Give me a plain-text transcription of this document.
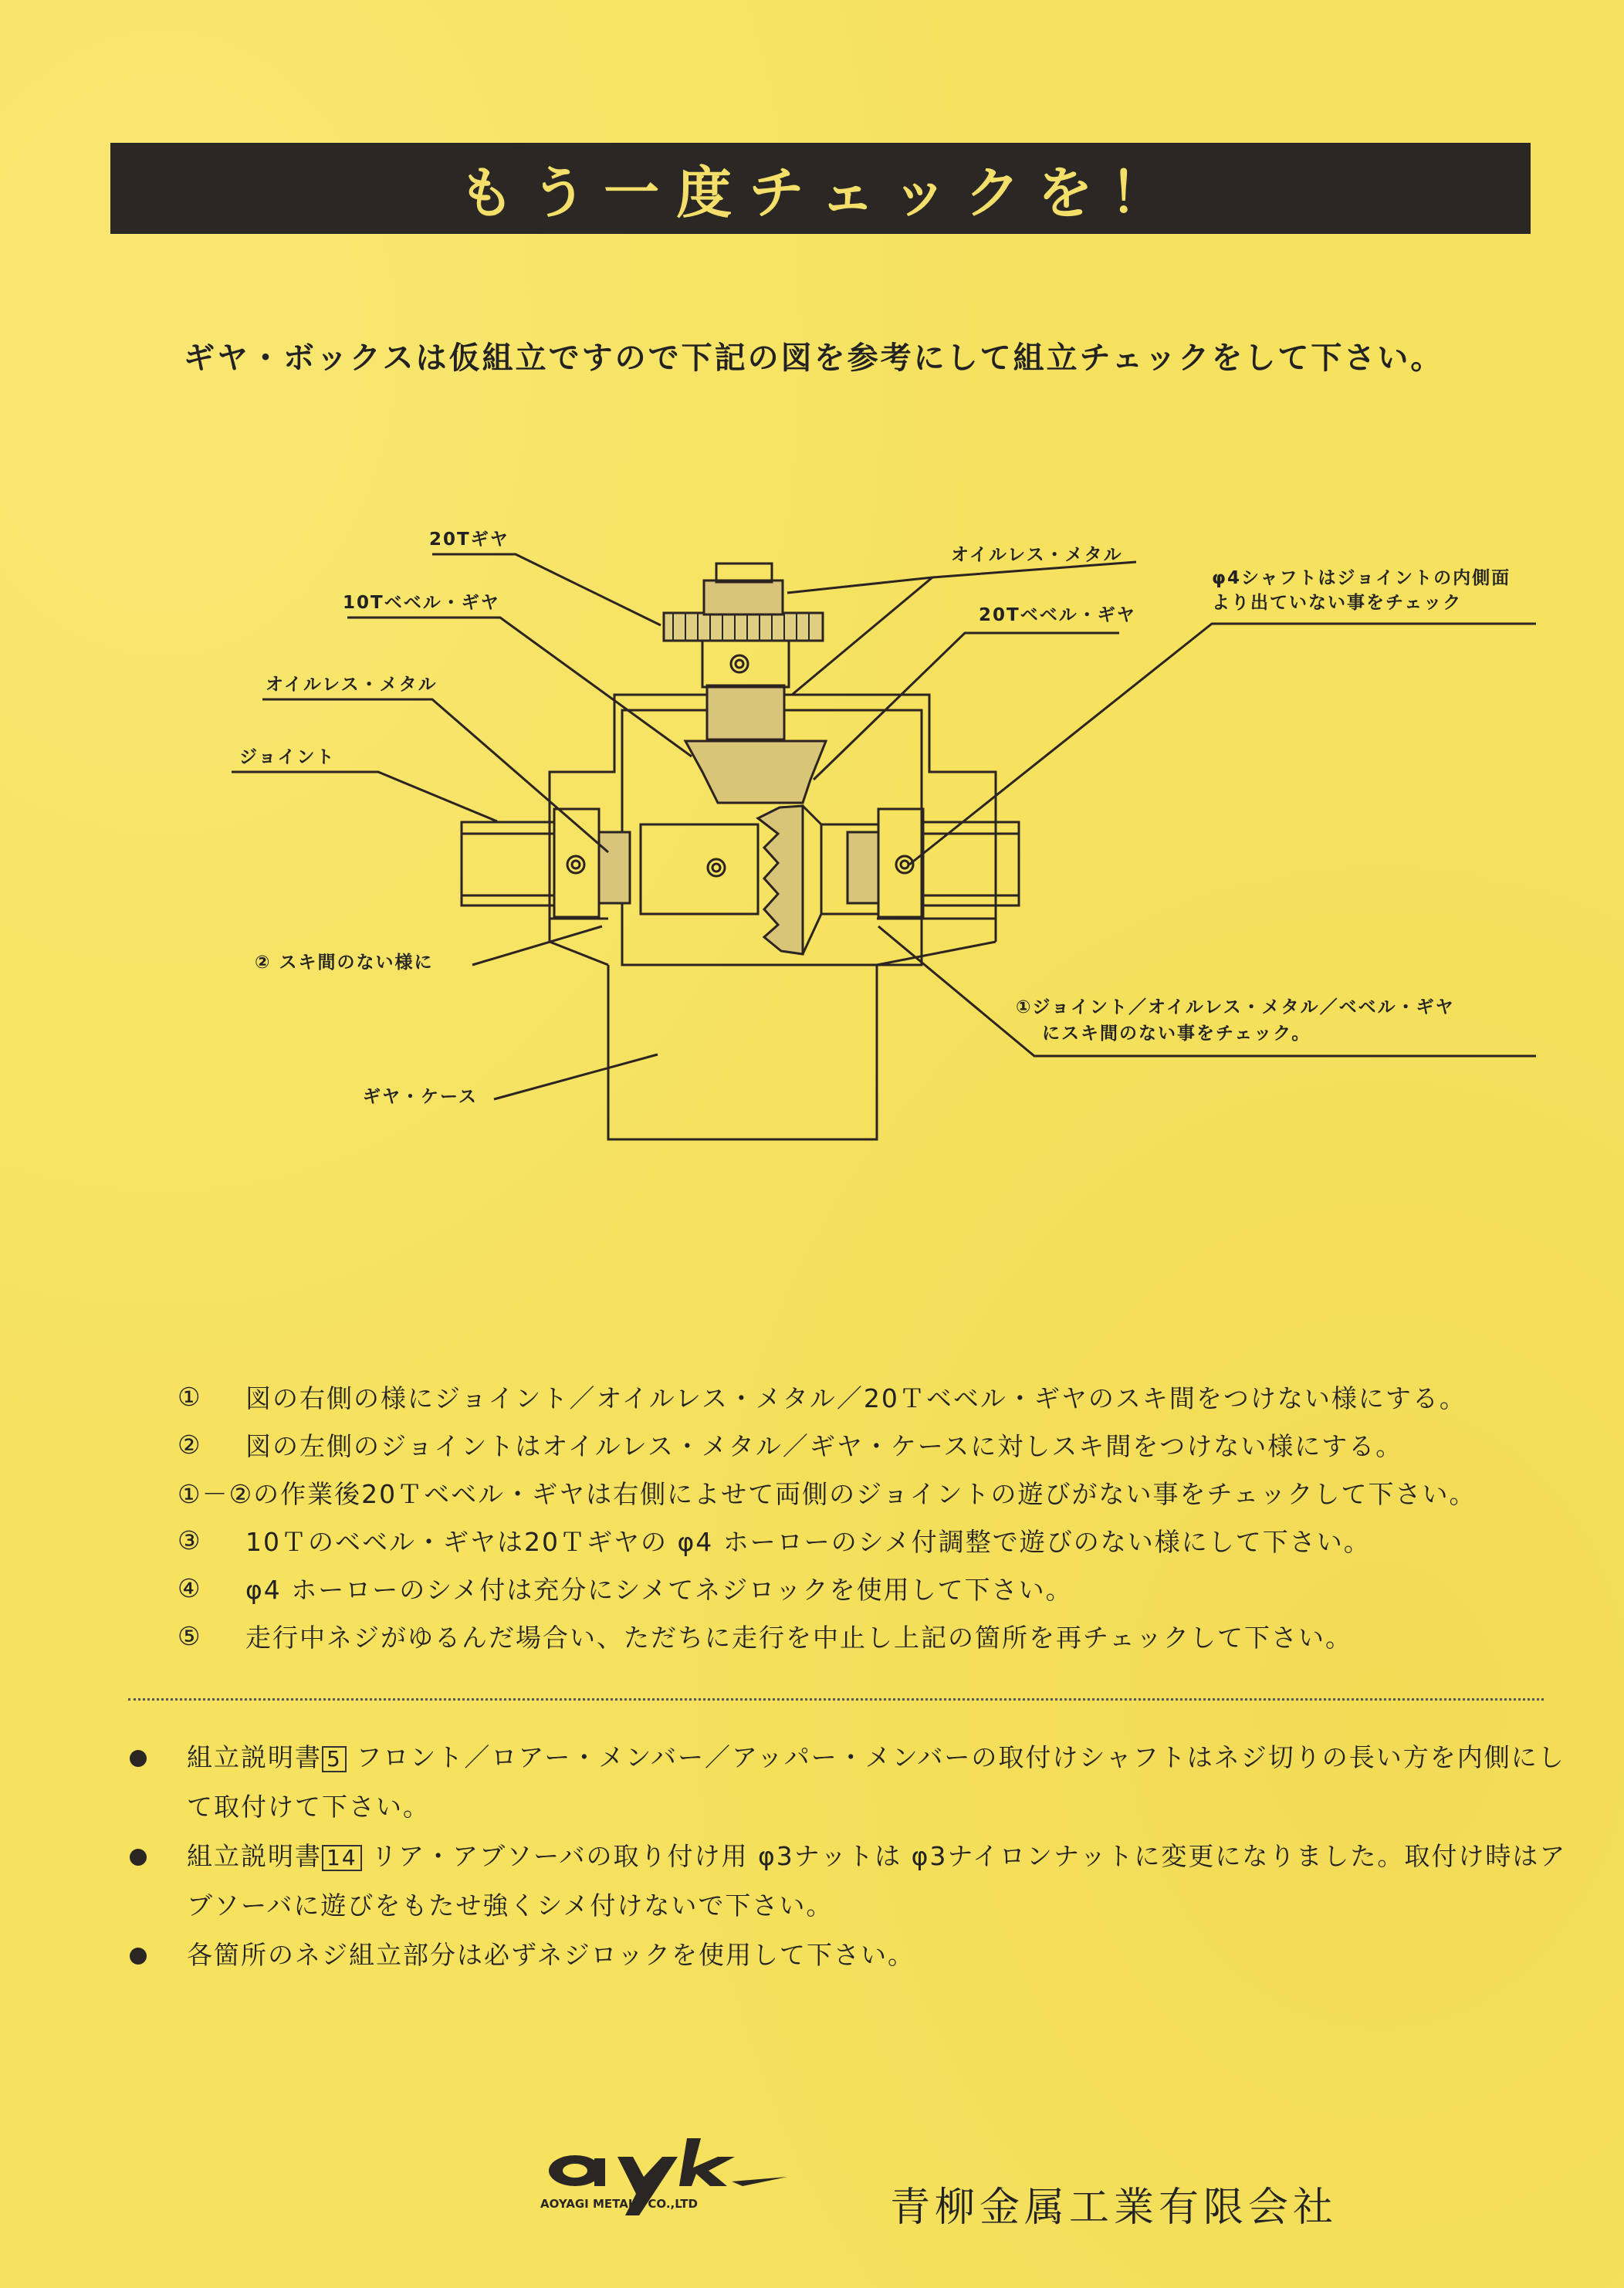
もう一度チェックを！
ギヤ・ボックスは仮組立ですので下記の図を参考にして組立チェックをして下さい。
20Tギヤ
10Tベベル・ギヤ
オイルレス・メタル
ジョイント
② スキ間のない様に
ギヤ・ケース
オイルレス・メタル
20Tベベル・ギヤ
φ4シャフトはジョイントの内側面
より出ていない事をチェック
①ジョイント／オイルレス・メタル／ベベル・ギヤ
にスキ間のない事をチェック。
①	図の右側の様にジョイント／オイルレス・メタル／20Ｔベベル・ギヤのスキ間をつけない様にする。
②	図の左側のジョイントはオイルレス・メタル／ギヤ・ケースに対しスキ間をつけない様にする。
①－②の作業後20Ｔベベル・ギヤは右側によせて両側のジョイントの遊びがない事をチェックして下さい。
③	10Ｔのベベル・ギヤは20Ｔギヤの φ4 ホーローのシメ付調整で遊びのない様にして下さい。
④	φ4 ホーローのシメ付は充分にシメてネジロックを使用して下さい。
⑤	走行中ネジがゆるんだ場合い、ただちに走行を中止し上記の箇所を再チェックして下さい。
組立説明書 5 フロント／ロアー・メンバー／アッパー・メンバーの取付けシャフトはネジ切りの長い方を内側にして取付けて下さい。
組立説明書 14 リア・アブソーバの取り付け用 φ3ナットは φ3ナイロンナットに変更になりました。取付け時はアブソーバに遊びをもたせ強くシメ付けないで下さい。
各箇所のネジ組立部分は必ずネジロックを使用して下さい。
AOYAGI METALS CO.,LTD	青柳金属工業有限会社
